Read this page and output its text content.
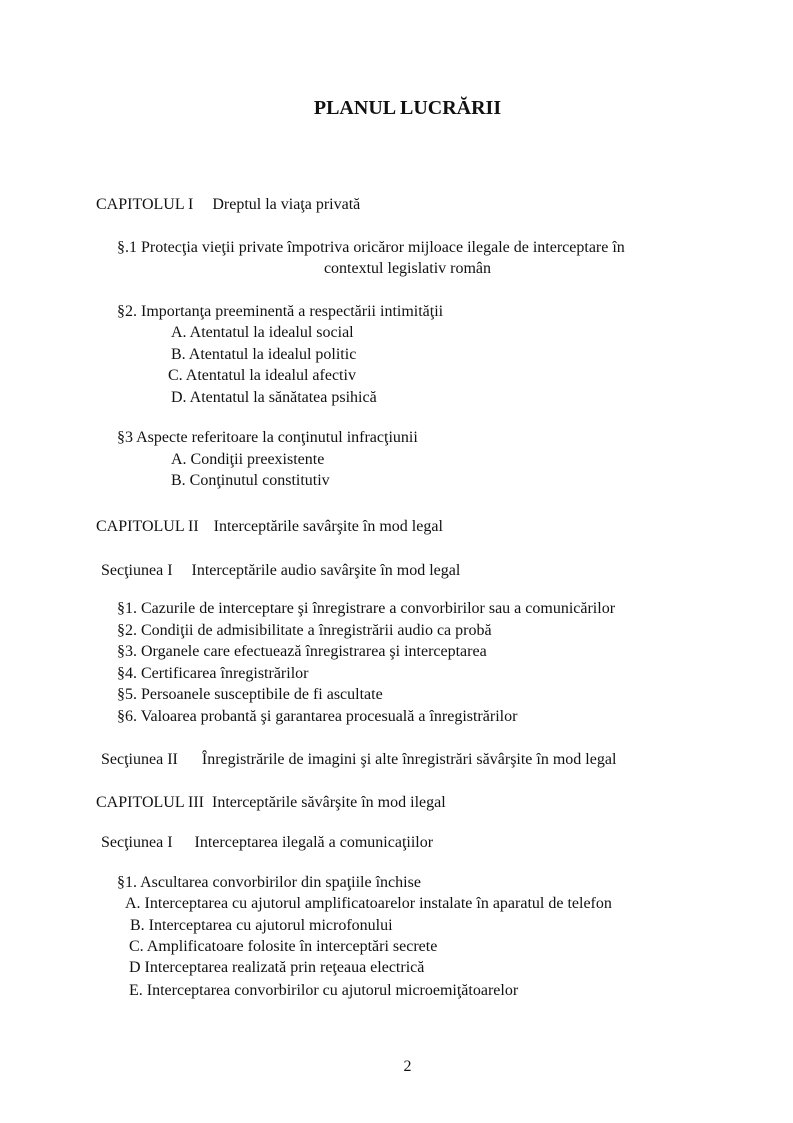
PLANUL LUCRĂRII
CAPITOLUL I Dreptul la viaţa privată
§.1 Protecţia vieţii private împotriva oricăror mijloace ilegale de interceptare în
contextul legislativ român
§2. Importanţa preeminentă a respectării intimităţii
A. Atentatul la idealul social
B. Atentatul la idealul politic
C. Atentatul la idealul afectiv
D. Atentatul la sănătatea psihică
§3 Aspecte referitoare la conţinutul infracţiunii
A. Condiţii preexistente
B. Conţinutul constitutiv
CAPITOLUL II Interceptările savârşite în mod legal
Secţiunea I Interceptările audio savârşite în mod legal
§1. Cazurile de interceptare şi înregistrare a convorbirilor sau a comunicărilor
§2. Condiţii de admisibilitate a înregistrării audio ca probă
§3. Organele care efectuează înregistrarea şi interceptarea
§4. Certificarea înregistrărilor
§5. Persoanele susceptibile de fi ascultate
§6. Valoarea probantă şi garantarea procesuală a înregistrărilor
Secţiunea II Înregistrările de imagini şi alte înregistrări săvârşite în mod legal
CAPITOLUL III Interceptările săvârşite în mod ilegal
Secţiunea I Interceptarea ilegală a comunicaţiilor
§1. Ascultarea convorbirilor din spaţiile închise
A. Interceptarea cu ajutorul amplificatoarelor instalate în aparatul de telefon
B. Interceptarea cu ajutorul microfonului
C. Amplificatoare folosite în interceptări secrete
D Interceptarea realizată prin reţeaua electrică
E. Interceptarea convorbirilor cu ajutorul microemiţătoarelor
2
